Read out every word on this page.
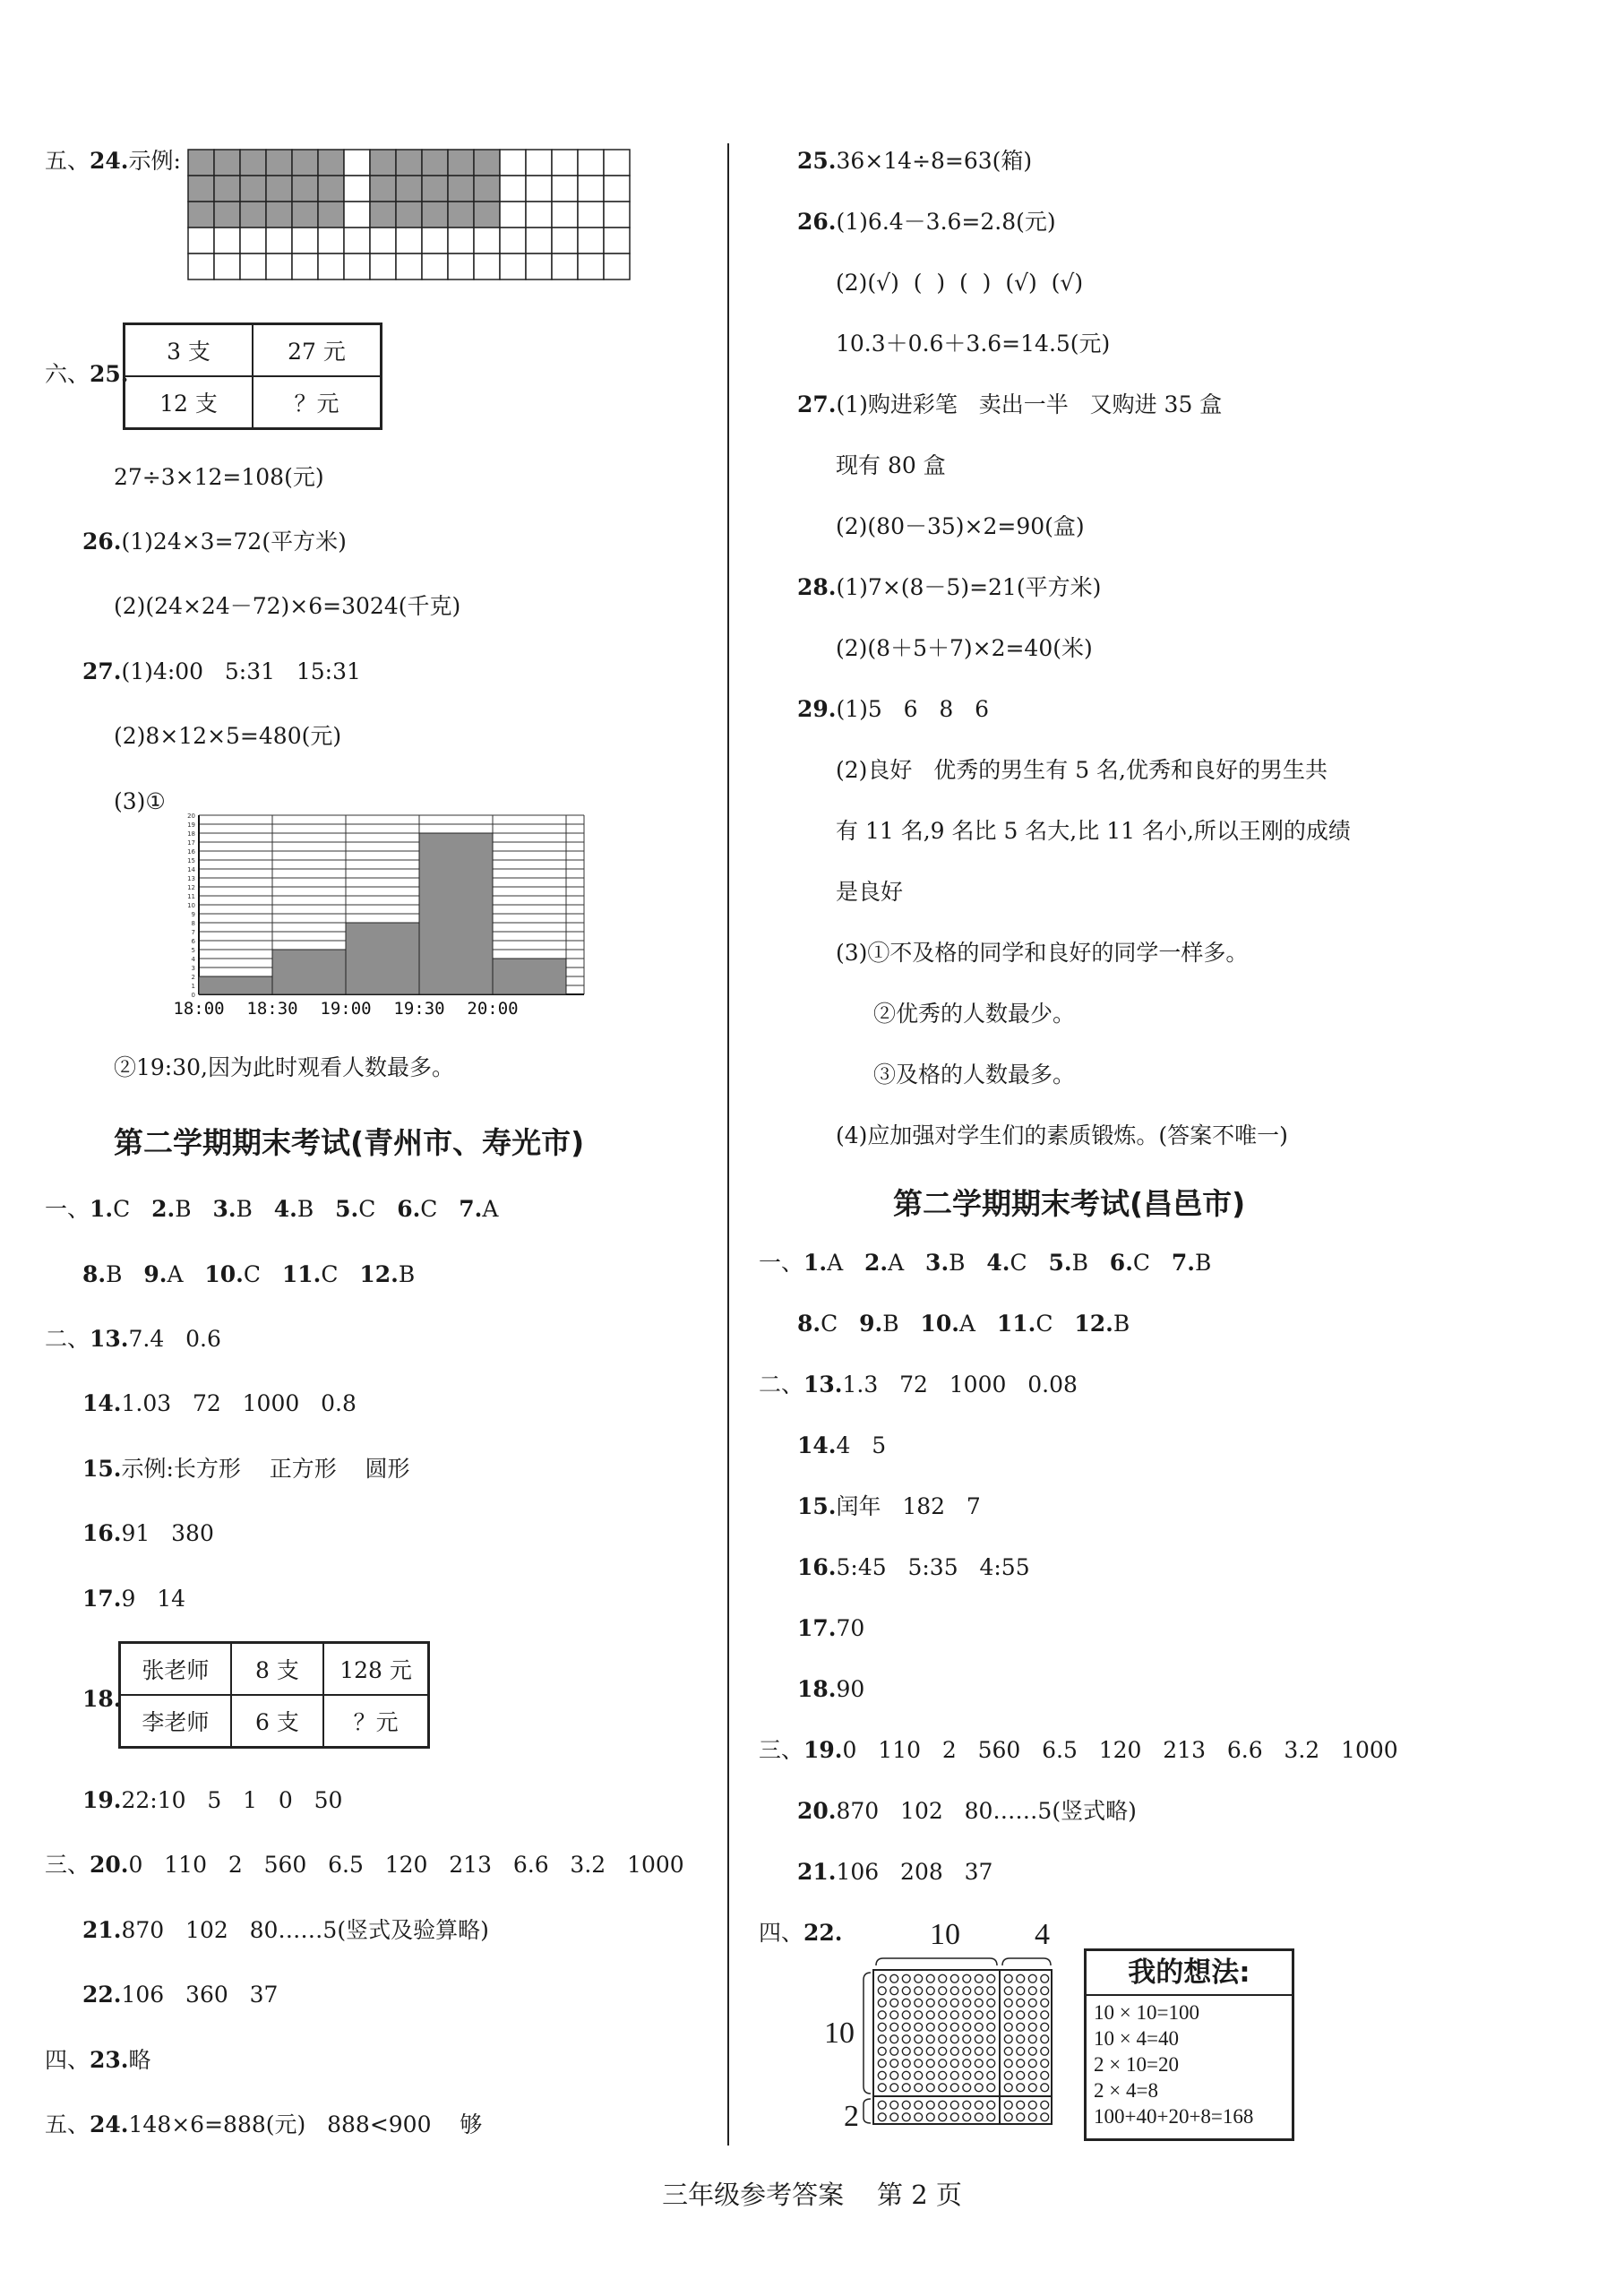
五、24.示例:
六、25.
3 支	27 元
12 支	？元
27÷3×12=108(元)
26.(1)24×3=72(平方米)
(2)(24×24－72)×6=3024(千克)
27.(1)4:00   5:31   15:31
(2)8×12×5=480(元)
(3)①
0
1
2
3
4
5
6
7
8
9
10
11
12
13
14
15
16
17
18
19
20
18:00 18:30 19:00 19:30 20:00
②19:30,因为此时观看人数最多。
第二学期期末考试(青州市、寿光市)
一、1.C 2.B 3.B 4.B 5.C 6.C 7.A
8.B 9.A 10.C 11.C 12.B
二、13.7.4   0.6
14.1.03   72   1000   0.8
15.示例:长方形    正方形    圆形
16.91   380
17.9   14
18.
张老师	8 支	128 元
李老师	6 支	？元
19.22:10   5   1   0   50
三、20.0   110   2   560   6.5   120   213   6.6   3.2   1000
21.870   102   80……5(竖式及验算略)
22.106   360   37
四、23.略
五、24.148×6=888(元)   888<900    够
25.36×14÷8=63(箱)
26.(1)6.4－3.6=2.8(元)
(2)(√)  (  )  (  )  (√)  (√)
10.3＋0.6＋3.6=14.5(元)
27.(1)购进彩笔   卖出一半   又购进 35 盒
现有 80 盒
(2)(80－35)×2=90(盒)
28.(1)7×(8－5)=21(平方米)
(2)(8＋5＋7)×2=40(米)
29.(1)5   6   8   6
(2)良好   优秀的男生有 5 名,优秀和良好的男生共
有 11 名,9 名比 5 名大,比 11 名小,所以王刚的成绩
是良好
(3)①不及格的同学和良好的同学一样多。
②优秀的人数最少。
③及格的人数最多。
(4)应加强对学生们的素质锻炼。(答案不唯一)
第二学期期末考试(昌邑市)
一、1.A 2.A 3.B 4.C 5.B 6.C 7.B
8.C 9.B 10.A 11.C 12.B
二、13.1.3   72   1000   0.08
14.4   5
15.闰年   182   7
16.5:45   5:35   4:55
17.70
18.90
三、19.0   110   2   560   6.5   120   213   6.6   3.2   1000
20.870   102   80……5(竖式略)
21.106   208   37
四、22.	10 4
10
2
我的想法:
10 × 10=100
10 × 4=40
2 × 10=20
2 × 4=8
100+40+20+8=168
三年级参考答案    第 2 页
